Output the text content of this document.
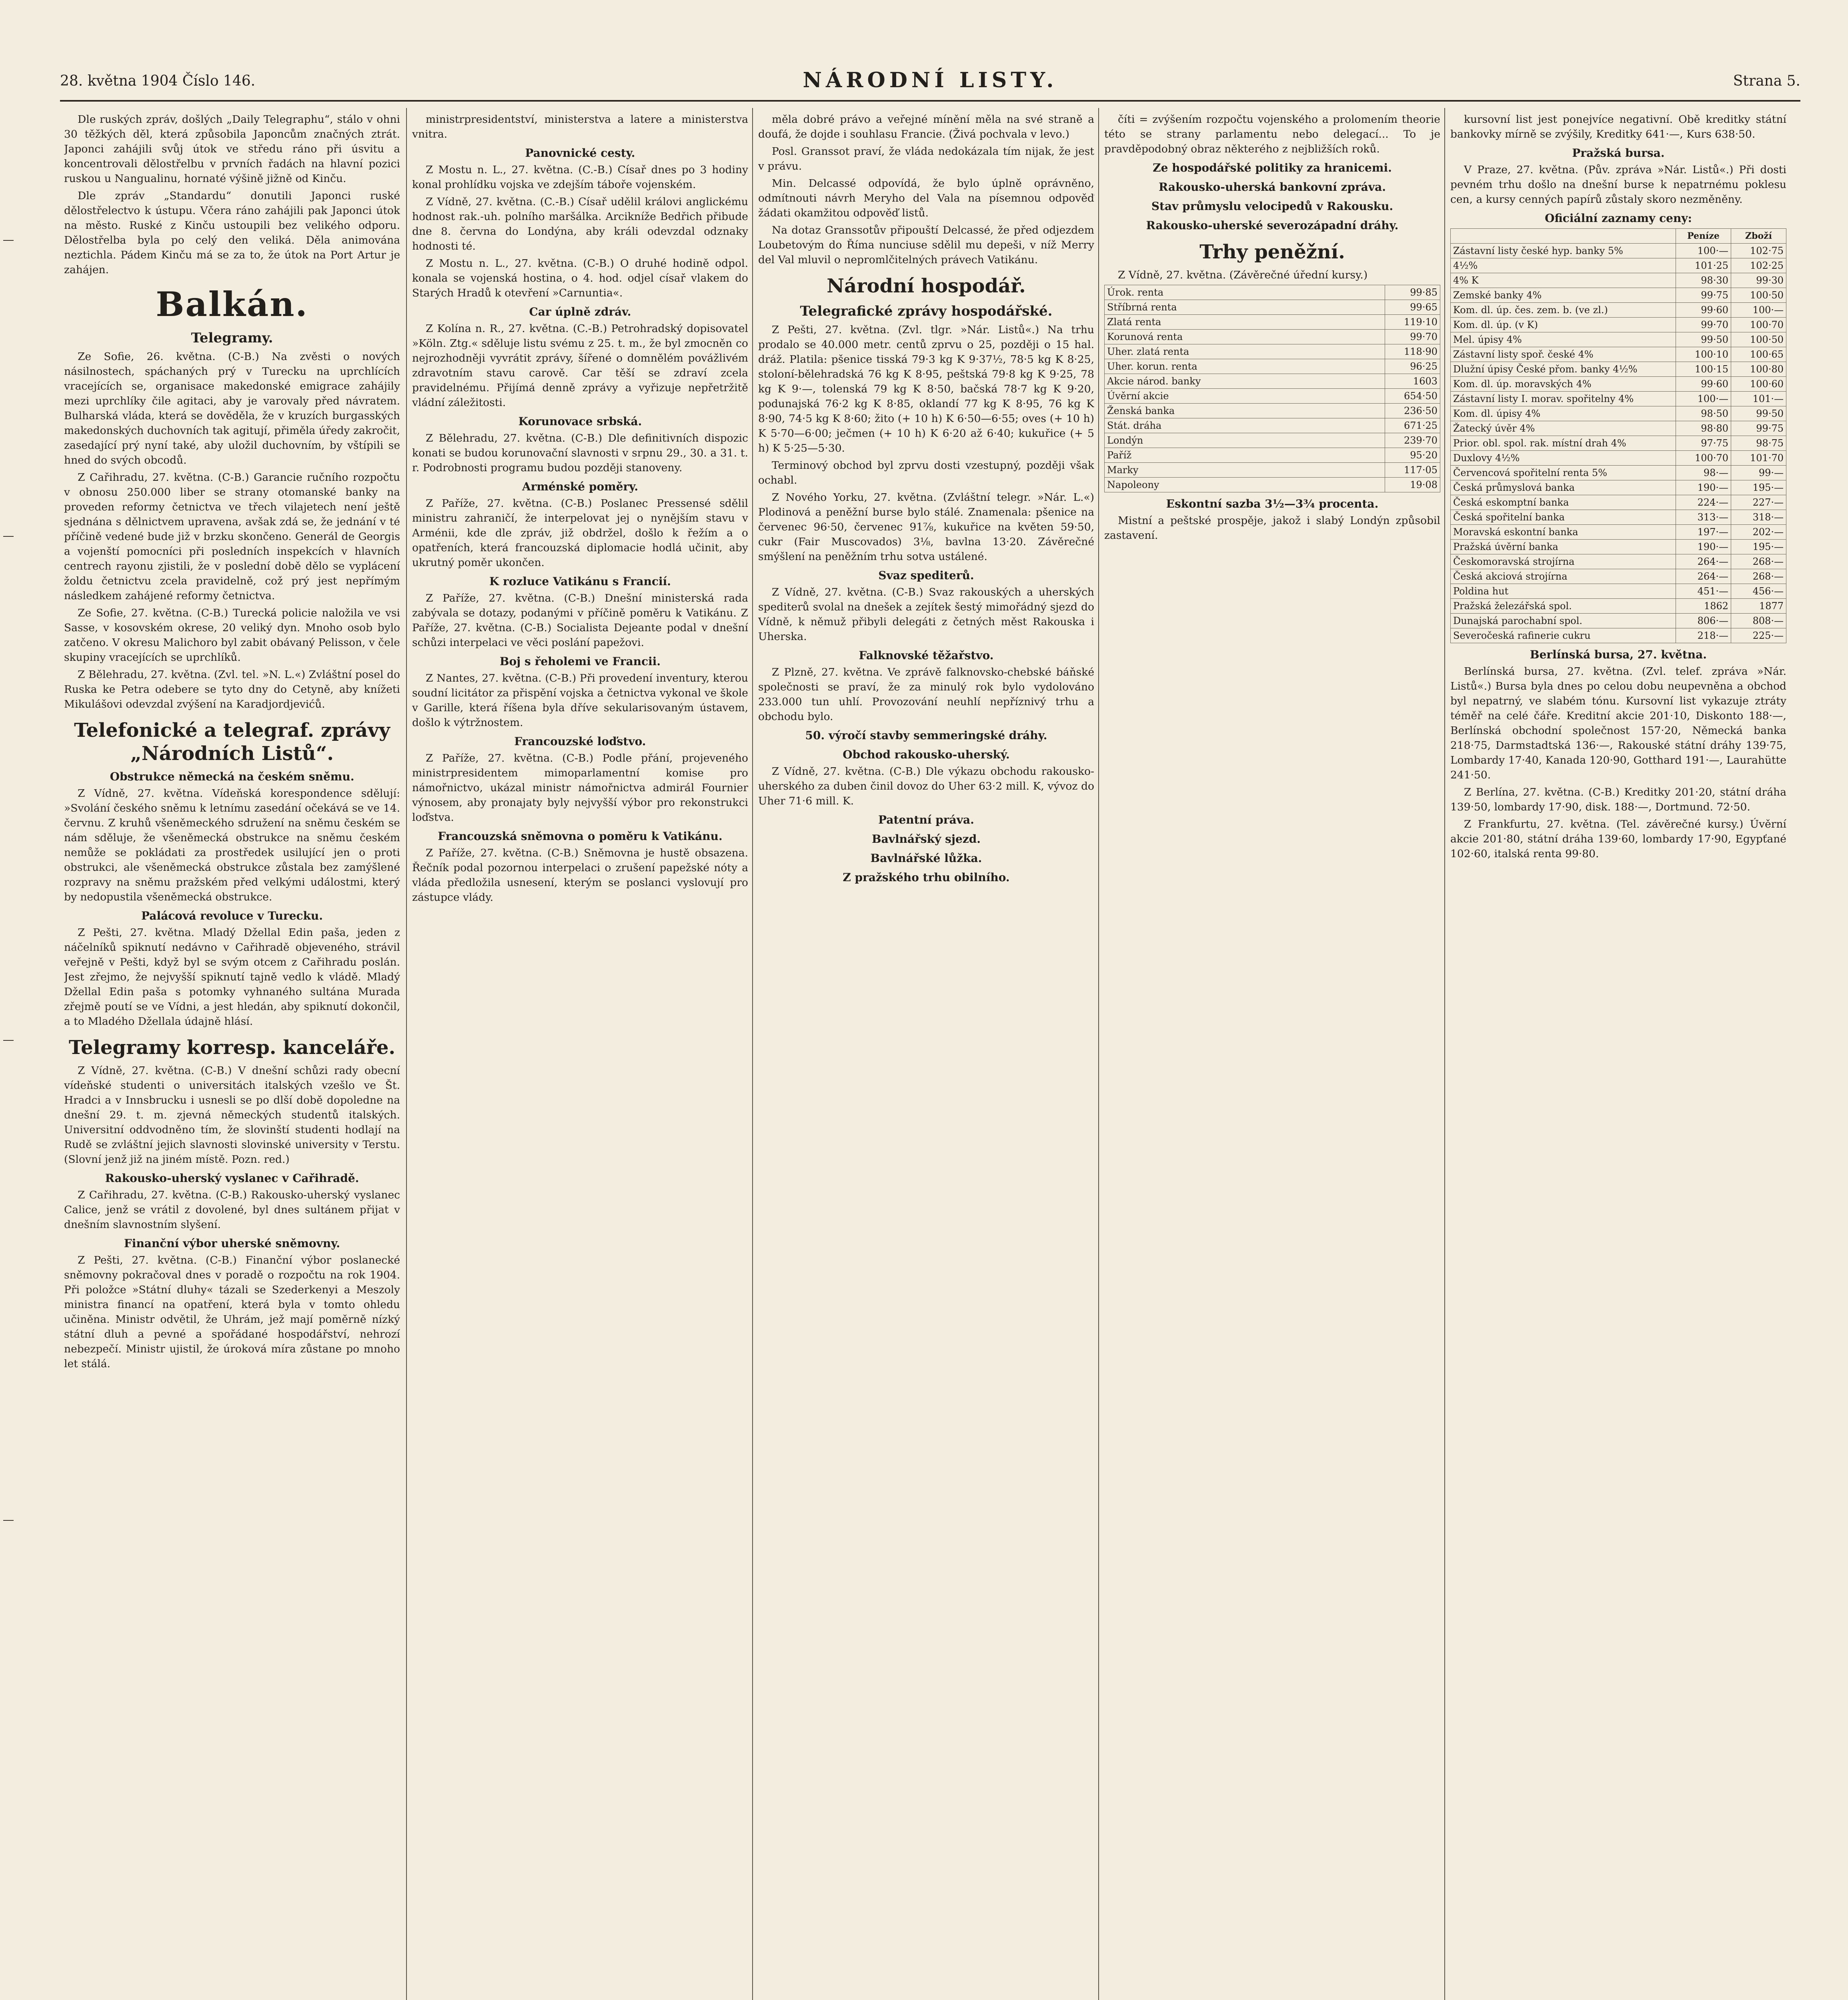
28. května 1904 Číslo 146.	NÁRODNÍ LISTY.	Strana 5.

Dle ruských zpráv, došlých „Daily Telegraphu“, stálo v ohni 30 těžkých děl, která způsobila Japoncům značných ztrát. Japonci zahájili svůj útok ve středu ráno při úsvitu a koncentrovali dělostřelbu v prvních řadách na hlavní pozici ruskou u Nangualinu, hornaté výšině jižně od Kinču.

Dle zpráv „Standardu“ donutili Japonci ruské dělostřelectvo k ústupu. Včera ráno zahájili pak Japonci útok na město. Ruské z Kinču ustoupili bez velikého odporu. Dělostřelba byla po celý den veliká. Děla animována neztichla. Pádem Kinču má se za to, že útok na Port Artur je zahájen.

Balkán.
Telegramy.

Ze Sofie, 26. května. (C-B.) Na zvěsti o nových násilnostech, spáchaných prý v Turecku na uprchlících vracejících se, organisace makedonské emigrace zahájily mezi uprchlíky čile agitaci, aby je varovaly před návratem. Bulharská vláda, která se dověděla, že v kruzích burgasských makedonských duchovních tak agitují, přiměla úředy zakročit, zasedající prý nyní také, aby uložil duchovním, by vštípili se hned do svých obcodů.

Z Cařihradu, 27. května. (C-B.) Garancie ručního rozpočtu v obnosu 250.000 liber se strany otomanské banky na proveden reformy četnictva ve třech vilajetech není ještě sjednána s dělnictvem upravena, avšak zdá se, že jednání v té příčině vedené bude již v brzku skončeno. Generál de Georgis a vojenští pomocníci při posledních inspekcích v hlavních centrech rayonu zjistili, že v poslední době dělo se vyplácení žoldu četnictvu zcela pravidelně, což prý jest nepřímým následkem zahájené reformy četnictva.

Ze Sofie, 27. května. (C-B.) Turecká policie naložila ve vsi Sasse, v kosovském okrese, 20 veliký dyn. Mnoho osob bylo zatčeno. V okresu Malichoro byl zabit obávaný Pelisson, v čele skupiny vracejících se uprchlíků.

Z Bělehradu, 27. května. (Zvl. tel. »N. L.«) Zvláštní posel do Ruska ke Petra odebere se tyto dny do Cetyně, aby knížeti Mikulášovi odevzdal zvýšení na Karadjordjevićů.

Telefonické a telegraf. zprávy „Národních Listů“.
Obstrukce německá na českém sněmu.

Z Vídně, 27. května. Vídeňská korespondence sdělují: »Svolání českého sněmu k letnímu zasedání očekává se ve 14. červnu. Z kruhů všeněmeckého sdružení na sněmu českém se nám sděluje, že všeněmecká obstrukce na sněmu českém nemůže se pokládati za prostředek usilující jen o proti obstrukci, ale všeněmecká obstrukce zůstala bez zamýšlené rozpravy na sněmu pražském před velkými událostmi, který by nedopustila všeněmecká obstrukce.

Palácová revoluce v Turecku.

Z Pešti, 27. května. Mladý Džellal Edin paša, jeden z náčelníků spiknutí nedávno v Cařihradě objeveného, strávil veřejně v Pešti, když byl se svým otcem z Cařihradu poslán. Jest zřejmo, že nejvyšší spiknutí tajně vedlo k vládě. Mladý Džellal Edin paša s potomky vyhnaného sultána Murada zřejmě poutí se ve Vídni, a jest hledán, aby spiknutí dokončil, a to Mladého Džellala údajně hlásí.

Telegramy korresp. kanceláře.

Z Vídně, 27. května. (C-B.) V dnešní schůzi rady obecní vídeňské studenti o universitách italských vzešlo ve Št. Hradci a v Innsbrucku i usnesli se po dlší době dopoledne na dnešní 29. t. m. zjevná německých studentů italských. Universitní oddvodněno tím, že slovinští studenti hodlají na Rudě se zvláštní jejich slavnosti slovinské university v Terstu. (Slovní jenž již na jiném místě. Pozn. red.)

Rakousko-uherský vyslanec v Cařihradě.

Z Cařihradu, 27. května. (C-B.) Rakousko-uherský vyslanec Calice, jenž se vrátil z dovolené, byl dnes sultánem přijat v dnešním slavnostním slyšení.

Finanční výbor uherské sněmovny.

Z Pešti, 27. května. (C-B.) Finanční výbor poslanecké sněmovny pokračoval dnes v poradě o rozpočtu na rok 1904. Při položce »Státní dluhy« tázali se Szederkenyi a Meszoly ministra financí na opatření, která byla v tomto ohledu učiněna. Ministr odvětil, že Uhrám, jež mají poměrně nízký státní dluh a pevné a spořádané hospodářství, nehrozí nebezpečí. Ministr ujistil, že úroková míra zůstane po mnoho let stálá.

ministrpresidentství, ministerstva a latere a ministerstva vnitra.

Panovnické cesty.

Z Mostu n. L., 27. května. (C.-B.) Císař dnes po 3 hodiny konal prohlídku vojska ve zdejším táboře vojenském.

Z Vídně, 27. května. (C.-B.) Císař udělil královi anglickému hodnost rak.-uh. polního maršálka. Arcikníže Bedřich přibude dne 8. června do Londýna, aby králi odevzdal odznaky hodnosti té.

Z Mostu n. L., 27. května. (C-B.) O druhé hodině odpol. konala se vojenská hostina, o 4. hod. odjel císař vlakem do Starých Hradů k otevření »Carnuntia«.

Car úplně zdráv.

Z Kolína n. R., 27. května. (C.-B.) Petrohradský dopisovatel »Köln. Ztg.« sděluje listu svému z 25. t. m., že byl zmocněn co nejrozhodněji vyvrátit zprávy, šířené o domnělém povážlivém zdravotním stavu carově. Car těší se zdraví zcela pravidelnému. Přijímá denně zprávy a vyřizuje nepřetržitě vládní záležitosti.

Korunovace srbská.

Z Bělehradu, 27. května. (C-B.) Dle definitivních dispozic konati se budou korunovační slavnosti v srpnu 29., 30. a 31. t. r. Podrobnosti programu budou později stanoveny.

Arménské poměry.

Z Paříže, 27. května. (C-B.) Poslanec Pressensé sdělil ministru zahraničí, že interpelovat jej o nynějším stavu v Arménii, kde dle zpráv, již obdržel, došlo k řežím a o opatřeních, která francouzská diplomacie hodlá učinit, aby ukrutný poměr ukončen.

K rozluce Vatikánu s Francií.

Z Paříže, 27. května. (C-B.) Dnešní ministerská rada zabývala se dotazy, podanými v příčině poměru k Vatikánu. Z Paříže, 27. května. (C-B.) Socialista Dejeante podal v dnešní schůzi interpelaci ve věci poslání papežovi.

Boj s řeholemi ve Francii.

Z Nantes, 27. května. (C-B.) Při provedení inventury, kterou soudní licitátor za přispění vojska a četnictva vykonal ve škole v Garille, která říšena byla dříve sekularisovaným ústavem, došlo k výtržnostem.

Francouzské loďstvo.

Z Paříže, 27. května. (C-B.) Podle přání, projeveného ministrpresidentem mimoparlamentní komise pro námořnictvo, ukázal ministr námořnictva admirál Fournier výnosem, aby pronajaty byly nejvyšší výbor pro rekonstrukci loďstva.

Francouzská sněmovna o poměru k Vatikánu.

Z Paříže, 27. května. (C-B.) Sněmovna je hustě obsazena. Řečník podal pozornou interpelaci o zrušení papežské nóty a vláda předložila usnesení, kterým se poslanci vyslovují pro zástupce vlády.

měla dobré právo a veřejné mínění měla na své straně a doufá, že dojde i souhlasu Francie. (Živá pochvala v levo.)

Posl. Granssot praví, že vláda nedokázala tím nijak, že jest v právu.

Min. Delcassé odpovídá, že bylo úplně oprávněno, odmítnouti návrh Meryho del Vala na písemnou odpověď žádati okamžitou odpověď listů.

Na dotaz Granssotův připouští Delcassé, že před odjezdem Loubetovým do Říma nunciuse sdělil mu depeši, v níž Merry del Val mluvil o nepromlčitelných právech Vatikánu.

Národní hospodář.
Telegrafické zprávy hospodářské.

Z Pešti, 27. května. (Zvl. tlgr. »Nár. Listů«.) Na trhu prodalo se 40.000 metr. centů zprvu o 25, později o 15 hal. dráž. Platila: pšenice tisská 79·3 kg K 9·37½, 78·5 kg K 8·25, stoloní-bělehradská 76 kg K 8·95, peštská 79·8 kg K 9·25, 78 kg K 9·—, tolenská 79 kg K 8·50, bačská 78·7 kg K 9·20, podunajská 76·2 kg K 8·85, oklandí 77 kg K 8·95, 76 kg K 8·90, 74·5 kg K 8·60; žito (+ 10 h) K 6·50—6·55; oves (+ 10 h) K 5·70—6·00; ječmen (+ 10 h) K 6·20 až 6·40; kukuřice (+ 5 h) K 5·25—5·30.

Terminový obchod byl zprvu dosti vzestupný, později však ochabl.

Z Nového Yorku, 27. května. (Zvláštní telegr. »Nár. L.«) Plodinová a peněžní burse bylo stálé. Znamenala: pšenice na červenec 96·50, červenec 91⅞, kukuřice na květen 59·50, cukr (Fair Muscovados) 3⅛, bavlna 13·20. Závěrečné smýšlení na peněžním trhu sotva ustálené.

Svaz spediterů.

Z Vídně, 27. května. (C-B.) Svaz rakouských a uherských spediterů svolal na dnešek a zejítek šestý mimořádný sjezd do Vídně, k němuž přibyli delegáti z četných měst Rakouska i Uherska.

Falknovské těžařstvo.

Z Plzně, 27. května. Ve zprávě falknovsko-chebské báňské společnosti se praví, že za minulý rok bylo vydolováno 233.000 tun uhlí. Provozování neuhlí nepříznivý trhu a obchodu bylo.

50. výročí stavby semmeringské dráhy.
Obchod rakousko-uherský.

Z Vídně, 27. května. (C-B.) Dle výkazu obchodu rakousko-uherského za duben činil dovoz do Uher 63·2 mill. K, vývoz do Uher 71·6 mill. K.

Patentní práva.
Bavlnářský sjezd.
Bavlnářské lůžka.
Z pražského trhu obilního.

číti = zvýšením rozpočtu vojenského a prolomením theorie této se strany parlamentu nebo delegací... To je pravděpodobný obraz některého z nejbližších roků.

Ze hospodářské politiky za hranicemi.
Rakousko-uherská bankovní zpráva.
Stav průmyslu velocipedů v Rakousku.
Rakousko-uherské severozápadní dráhy.
Trhy peněžní.

Z Vídně, 27. května. (Závěrečné úřední kursy.)

Úrok. renta	99·85
Stříbrná renta	99·65
Zlatá renta	119·10
Korunová renta	99·70
Uher. zlatá renta	118·90
Uher. korun. renta	96·25
Akcie národ. banky	1603
Úvěrní akcie	654·50
Ženská banka	236·50
Stát. dráha	671·25
Londýn	239·70
Paříž	95·20
Marky	117·05
Napoleony	19·08
Eskontní sazba 3½—3¾ procenta.

Mistní a peštské prospěje, jakož i slabý Londýn způsobil zastavení.

kursovní list jest ponejvíce negativní. Obě kreditky státní bankovky mírně se zvýšily, Kreditky 641·—, Kurs 638·50.

Pražská bursa.

V Praze, 27. května. (Pův. zpráva »Nár. Listů«.) Při dosti pevném trhu došlo na dnešní burse k nepatrnému poklesu cen, a kursy cenných papírů zůstaly skoro nezměněny.

Oficiální zaznamy ceny:
	Peníze	Zboží
Zástavní listy české hyp. banky 5%	100·—	102·75
4½%	101·25	102·25
4% K	98·30	99·30
Zemské banky 4%	99·75	100·50
Kom. dl. úp. čes. zem. b. (ve zl.)	99·60	100·—
Kom. dl. úp. (v K)	99·70	100·70
Mel. úpisy 4%	99·50	100·50
Zástavní listy spoř. české 4%	100·10	100·65
Dlužní úpisy České přom. banky 4½%	100·15	100·80
Kom. dl. úp. moravských 4%	99·60	100·60
Zástavní listy I. morav. spořitelny 4%	100·—	101·—
Kom. dl. úpisy 4%	98·50	99·50
Žatecký úvěr 4%	98·80	99·75
Prior. obl. spol. rak. místní drah 4%	97·75	98·75
Duxlovy 4½%	100·70	101·70
Červencová spořitelní renta 5%	98·—	99·—
Česká průmyslová banka	190·—	195·—
Česká eskomptní banka	224·—	227·—
Česká spořitelní banka	313·—	318·—
Moravská eskontní banka	197·—	202·—
Pražská úvěrní banka	190·—	195·—
Českomoravská strojírna	264·—	268·—
Česká akciová strojírna	264·—	268·—
Poldina hut	451·—	456·—
Pražská železářská spol.	1862	1877
Dunajská parochabní spol.	806·—	808·—
Severočeská rafinerie cukru	218·—	225·—
Berlínská bursa, 27. května.

Berlínská bursa, 27. května. (Zvl. telef. zpráva »Nár. Listů«.) Bursa byla dnes po celou dobu neupevněna a obchod byl nepatrný, ve slabém tónu. Kursovní list vykazuje ztráty téměř na celé čáře. Kreditní akcie 201·10, Diskonto 188·—, Berlínská obchodní společnost 157·20, Německá banka 218·75, Darmstadtská 136·—, Rakouské státní dráhy 139·75, Lombardy 17·40, Kanada 120·90, Gotthard 191·—, Laurahütte 241·50.

Z Berlína, 27. května. (C-B.) Kreditky 201·20, státní dráha 139·50, lombardy 17·90, disk. 188·—, Dortmund. 72·50.

Z Frankfurtu, 27. května. (Tel. závěrečné kursy.) Úvěrní akcie 201·80, státní dráha 139·60, lombardy 17·90, Egypťané 102·60, italská renta 99·80.
